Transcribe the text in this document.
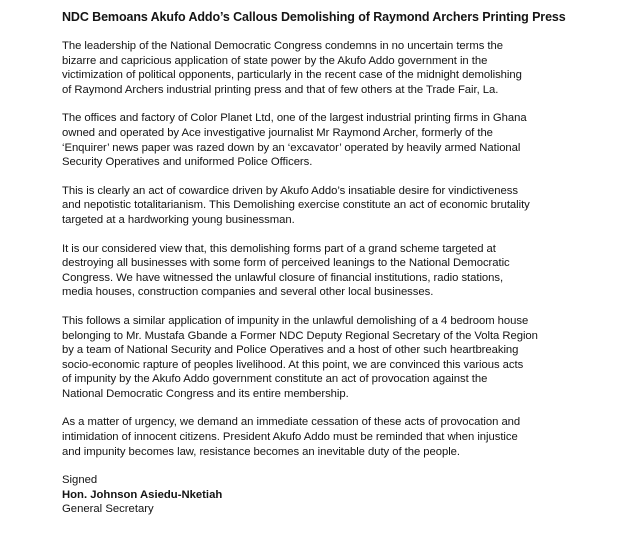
NDC Bemoans Akufo Addo’s Callous Demolishing of Raymond Archers Printing Press
The leadership of the National Democratic Congress condemns in no uncertain terms the
bizarre and capricious application of state power by the Akufo Addo government in the
victimization of political opponents, particularly in the recent case of the midnight demolishing
of Raymond Archers industrial printing press and that of few others at the Trade Fair, La.
The offices and factory of Color Planet Ltd, one of the largest industrial printing firms in Ghana
owned and operated by Ace investigative journalist Mr Raymond Archer, formerly of the
‘Enquirer’ news paper was razed down by an ‘excavator’ operated by heavily armed National
Security Operatives and uniformed Police Officers.
This is clearly an act of cowardice driven by Akufo Addo’s insatiable desire for vindictiveness
and nepotistic totalitarianism. This Demolishing exercise constitute an act of economic brutality
targeted at a hardworking young businessman.
It is our considered view that, this demolishing forms part of a grand scheme targeted at
destroying all businesses with some form of perceived leanings to the National Democratic
Congress. We have witnessed the unlawful closure of financial institutions, radio stations,
media houses, construction companies and several other local businesses.
This follows a similar application of impunity in the unlawful demolishing of a 4 bedroom house
belonging to Mr. Mustafa Gbande a Former NDC Deputy Regional Secretary of the Volta Region
by a team of National Security and Police Operatives and a host of other such heartbreaking
socio-economic rapture of peoples livelihood. At this point, we are convinced this various acts
of impunity by the Akufo Addo government constitute an act of provocation against the
National Democratic Congress and its entire membership.
As a matter of urgency, we demand an immediate cessation of these acts of provocation and
intimidation of innocent citizens. President Akufo Addo must be reminded that when injustice
and impunity becomes law, resistance becomes an inevitable duty of the people.
Signed
Hon. Johnson Asiedu-Nketiah
General Secretary
